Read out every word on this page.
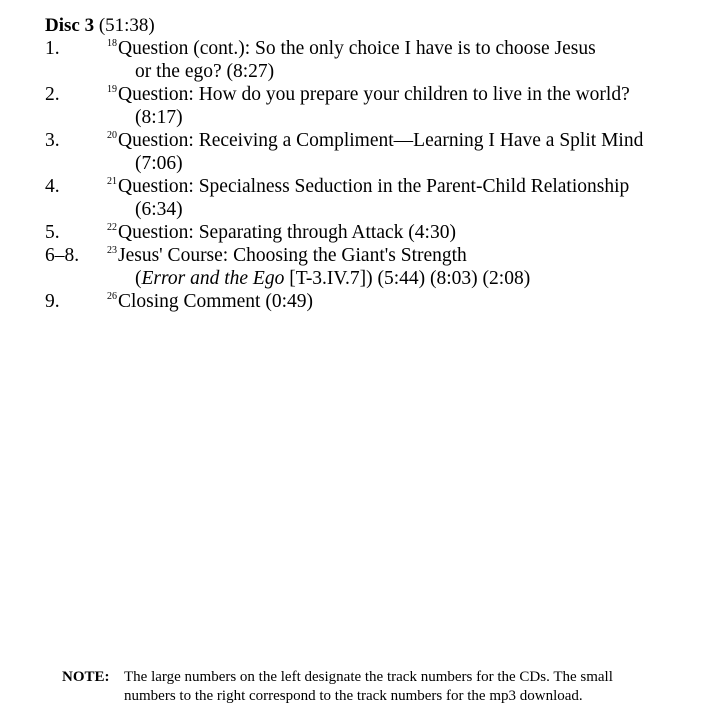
Disc 3 (51:38)
1.	18 Question (cont.): So the only choice I have is to choose Jesus
or the ego? (8:27)
2.	19 Question: How do you prepare your children to live in the world?
(8:17)
3.	20 Question: Receiving a Compliment—Learning I Have a Split Mind
(7:06)
4.	21 Question: Specialness Seduction in the Parent-Child Relationship
(6:34)
5.	22 Question: Separating through Attack (4:30)
6–8.	23 Jesus' Course: Choosing the Giant's Strength
(Error and the Ego [T-3.IV.7]) (5:44) (8:03) (2:08)
9.	26 Closing Comment (0:49)
NOTE: The large numbers on the left designate the track numbers for the CDs. The small
numbers to the right correspond to the track numbers for the mp3 download.
